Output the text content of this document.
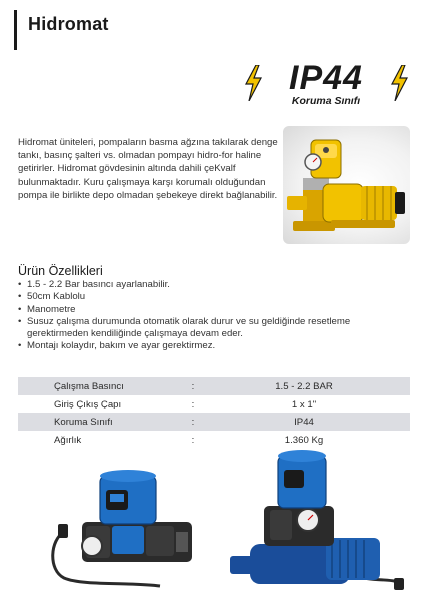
Hidromat
IP44
Koruma Sınıfı
Hidromat üniteleri, pompaların basma ağzına takılarak denge tankı, basınç şalteri vs. olmadan pompayı hidro-for haline getirirler. Hidromat gövdesinin altında dahili çeKvalf bulunmaktadır. Kuru çalışmaya karşı korumalı olduğundan pompa ile birlikte depo olmadan şebekeye direkt bağlanabilir.
Ürün Özellikleri
• 1.5 - 2.2 Bar basıncı ayarlanabilir.
• 50cm Kablolu
• Manometre
• Susuz çalışma durumunda otomatik olarak durur ve su geldiğinde resetleme gerektirmeden kendiliğinde çalışmaya devam eder.
• Montajı kolaydır, bakım ve ayar gerektirmez.
Çalışma Basıncı	:	1.5 - 2.2 BAR
Giriş Çıkış Çapı	:	1 x 1"
Koruma Sınıfı	:	IP44
Ağırlık	:	1.360 Kg
